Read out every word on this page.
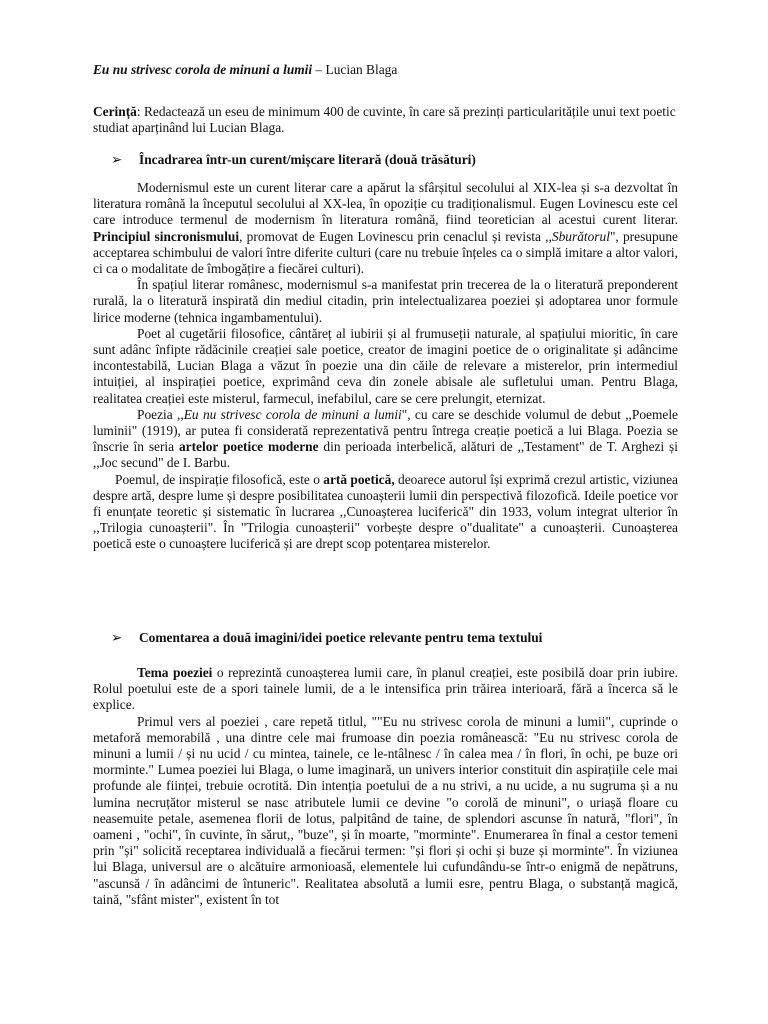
Eu nu strivesc corola de minuni a lumii – Lucian Blaga
Cerință: Redactează un eseu de minimum 400 de cuvinte, în care să prezinți particularitățile unui text poetic studiat aparținând lui Lucian Blaga.
➢ Încadrarea într-un curent/mișcare literară (două trăsături)

Modernismul este un curent literar care a apărut la sfârșitul secolului al XIX-lea și s-a dezvoltat în literatura română la începutul secolului al XX-lea, în opoziție cu tradiționalismul. Eugen Lovinescu este cel care introduce termenul de modernism în literatura română, fiind teoretician al acestui curent literar. Principiul sincronismului, promovat de Eugen Lovinescu prin cenaclul și revista ,,Sburătorul", presupune acceptarea schimbului de valori între diferite culturi (care nu trebuie înțeles ca o simplă imitare a altor valori, ci ca o modalitate de îmbogățire a fiecărei culturi).

În spațiul literar românesc, modernismul s-a manifestat prin trecerea de la o literatură preponderent rurală, la o literatură inspirată din mediul citadin, prin intelectualizarea poeziei și adoptarea unor formule lirice moderne (tehnica ingambamentului).

Poet al cugetării filosofice, cântăreț al iubirii și al frumuseții naturale, al spațiului mioritic, în care sunt adânc înfipte rădăcinile creației sale poetice, creator de imagini poetice de o originalitate și adâncime incontestabilă, Lucian Blaga a văzut în poezie una din căile de relevare a misterelor, prin intermediul intuiției, al inspirației poetice, exprimând ceva din zonele abisale ale sufletului uman. Pentru Blaga, realitatea creației este misterul, farmecul, inefabilul, care se cere prelungit, eternizat.

Poezia ,,Eu nu strivesc corola de minuni a lumii", cu care se deschide volumul de debut ,,Poemele luminii" (1919), ar putea fi considerată reprezentativă pentru întrega creație poetică a lui Blaga. Poezia se înscrie în seria artelor poetice moderne din perioada interbelică, alături de ,,Testament" de T. Arghezi și ,,Joc secund" de I. Barbu.

Poemul, de inspirație filosofică, este o artă poetică, deoarece autorul își exprimă crezul artistic, viziunea despre artă, despre lume și despre posibilitatea cunoașterii lumii din perspectivă filozofică. Ideile poetice vor fi enunțate teoretic și sistematic în lucrarea ,,Cunoașterea luciferică" din 1933, volum integrat ulterior în ,,Trilogia cunoașterii". În "Trilogia cunoașterii" vorbește despre o"dualitate" a cunoașterii. Cunoașterea poetică este o cunoaștere luciferică și are drept scop potențarea misterelor.

➢ Comentarea a două imagini/idei poetice relevante pentru tema textului

Tema poeziei o reprezintă cunoașterea lumii care, în planul creației, este posibilă doar prin iubire. Rolul poetului este de a spori tainele lumii, de a le intensifica prin trăirea interioară, fără a încerca să le explice.

Primul vers al poeziei , care repetă titlul, ""Eu nu strivesc corola de minuni a lumii", cuprinde o metaforă memorabilă , una dintre cele mai frumoase din poezia românească: "Eu nu strivesc corola de minuni a lumii / și nu ucid / cu mintea, tainele, ce le-ntâlnesc / în calea mea / în flori, în ochi, pe buze ori morminte." Lumea poeziei lui Blaga, o lume imaginară, un univers interior constituit din aspirațiile cele mai profunde ale ființei, trebuie ocrotită. Din intenția poetului de a nu strivi, a nu ucide, a nu sugruma și a nu lumina necruțător misterul se nasc atributele lumii ce devine "o corolă de minuni", o uriașă floare cu neasemuite petale, asemenea florii de lotus, palpitând de taine, de splendori ascunse în natură, "flori", în oameni , "ochi", în cuvinte, în sărut,, "buze", și în moarte, "morminte". Enumerarea în final a cestor temeni prin "și" solicită receptarea individuală a fiecărui termen: "și flori și ochi și buze și morminte". În viziunea lui Blaga, universul are o alcătuire armonioasă, elementele lui cufundându-se într-o enigmă de nepătruns, "ascunsă / în adâncimi de întuneric". Realitatea absolută a lumii esre, pentru Blaga, o substanță magică, taină, "sfânt mister", existent în tot
